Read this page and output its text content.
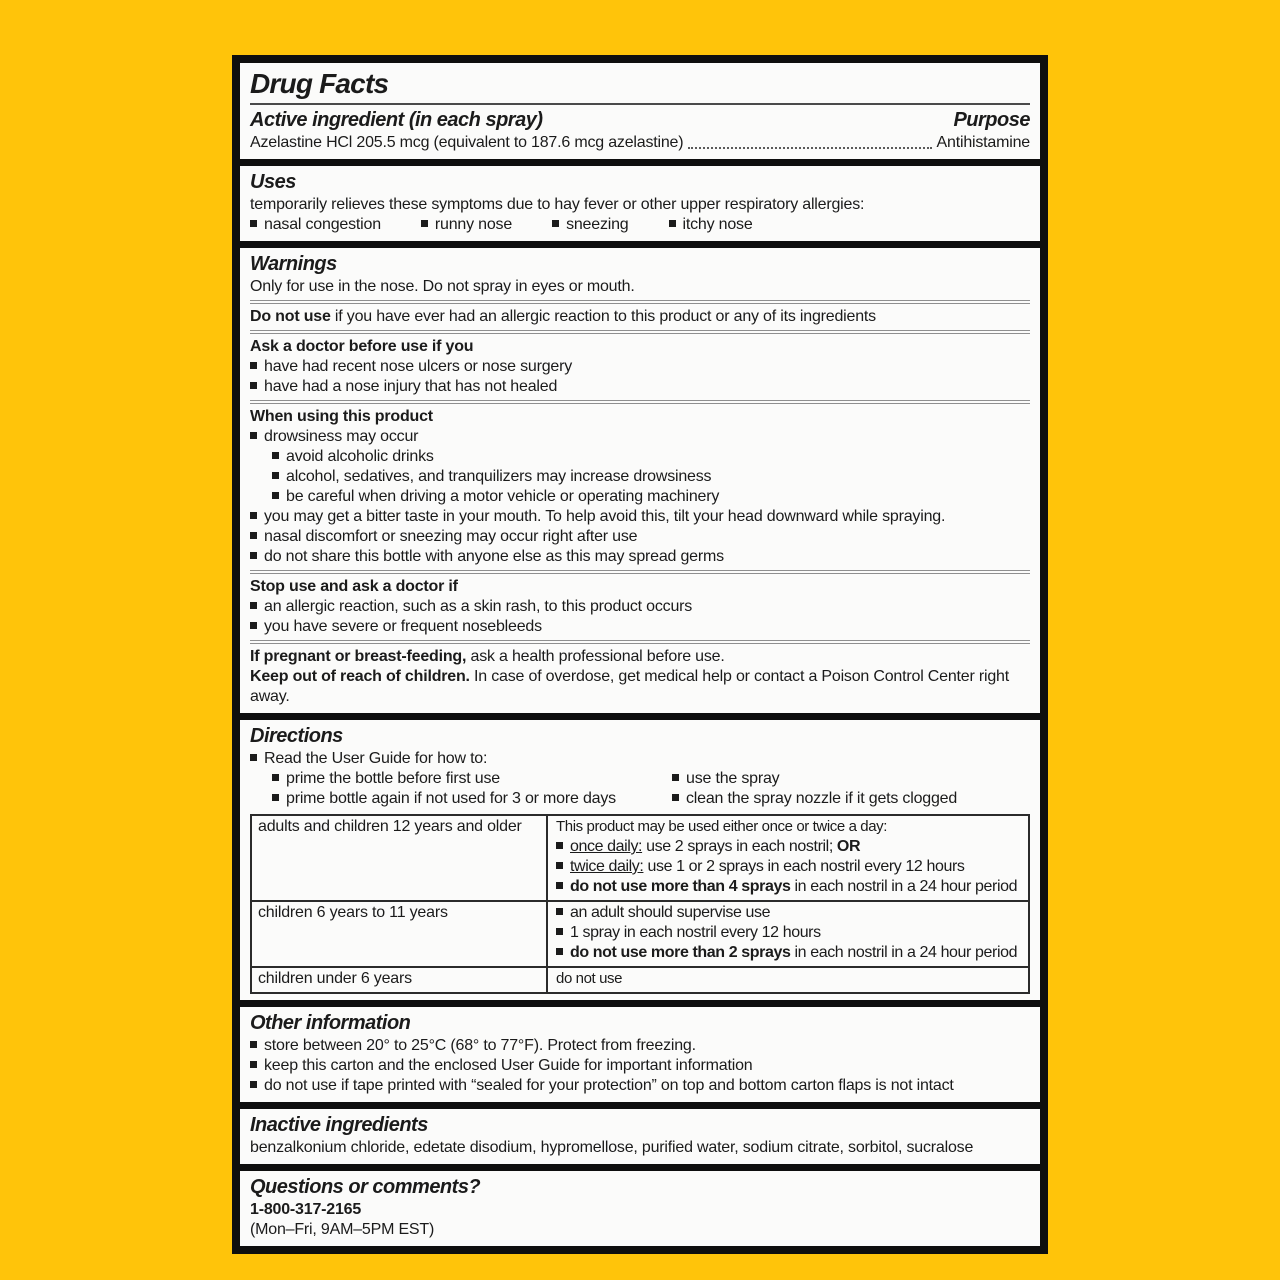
Drug Facts
Active ingredient (in each spray)	Purpose
Azelastine HCl 205.5 mcg (equivalent to 187.6 mcg azelastine)	Antihistamine
Uses
temporarily relieves these symptoms due to hay fever or other upper respiratory allergies:
nasal congestion	runny nose	sneezing	itchy nose
Warnings
Only for use in the nose. Do not spray in eyes or mouth.
Do not use if you have ever had an allergic reaction to this product or any of its ingredients
Ask a doctor before use if you
have had recent nose ulcers or nose surgery
have had a nose injury that has not healed
When using this product
drowsiness may occur
avoid alcoholic drinks
alcohol, sedatives, and tranquilizers may increase drowsiness
be careful when driving a motor vehicle or operating machinery
you may get a bitter taste in your mouth. To help avoid this, tilt your head downward while spraying.
nasal discomfort or sneezing may occur right after use
do not share this bottle with anyone else as this may spread germs
Stop use and ask a doctor if
an allergic reaction, such as a skin rash, to this product occurs
you have severe or frequent nosebleeds
If pregnant or breast-feeding, ask a health professional before use.
Keep out of reach of children. In case of overdose, get medical help or contact a Poison Control Center right away.
Directions
Read the User Guide for how to:
prime the bottle before first use	use the spray
prime bottle again if not used for 3 or more days	clean the spray nozzle if it gets clogged
adults and children 12 years and older	This product may be used either once or twice a day:
once daily: use 2 sprays in each nostril; OR
twice daily: use 1 or 2 sprays in each nostril every 12 hours
do not use more than 4 sprays in each nostril in a 24 hour period
children 6 years to 11 years	an adult should supervise use
1 spray in each nostril every 12 hours
do not use more than 2 sprays in each nostril in a 24 hour period
children under 6 years	do not use
Other information
store between 20° to 25°C (68° to 77°F). Protect from freezing.
keep this carton and the enclosed User Guide for important information
do not use if tape printed with “sealed for your protection” on top and bottom carton flaps is not intact
Inactive ingredients
benzalkonium chloride, edetate disodium, hypromellose, purified water, sodium citrate, sorbitol, sucralose
Questions or comments?
1-800-317-2165
(Mon–Fri, 9AM–5PM EST)
